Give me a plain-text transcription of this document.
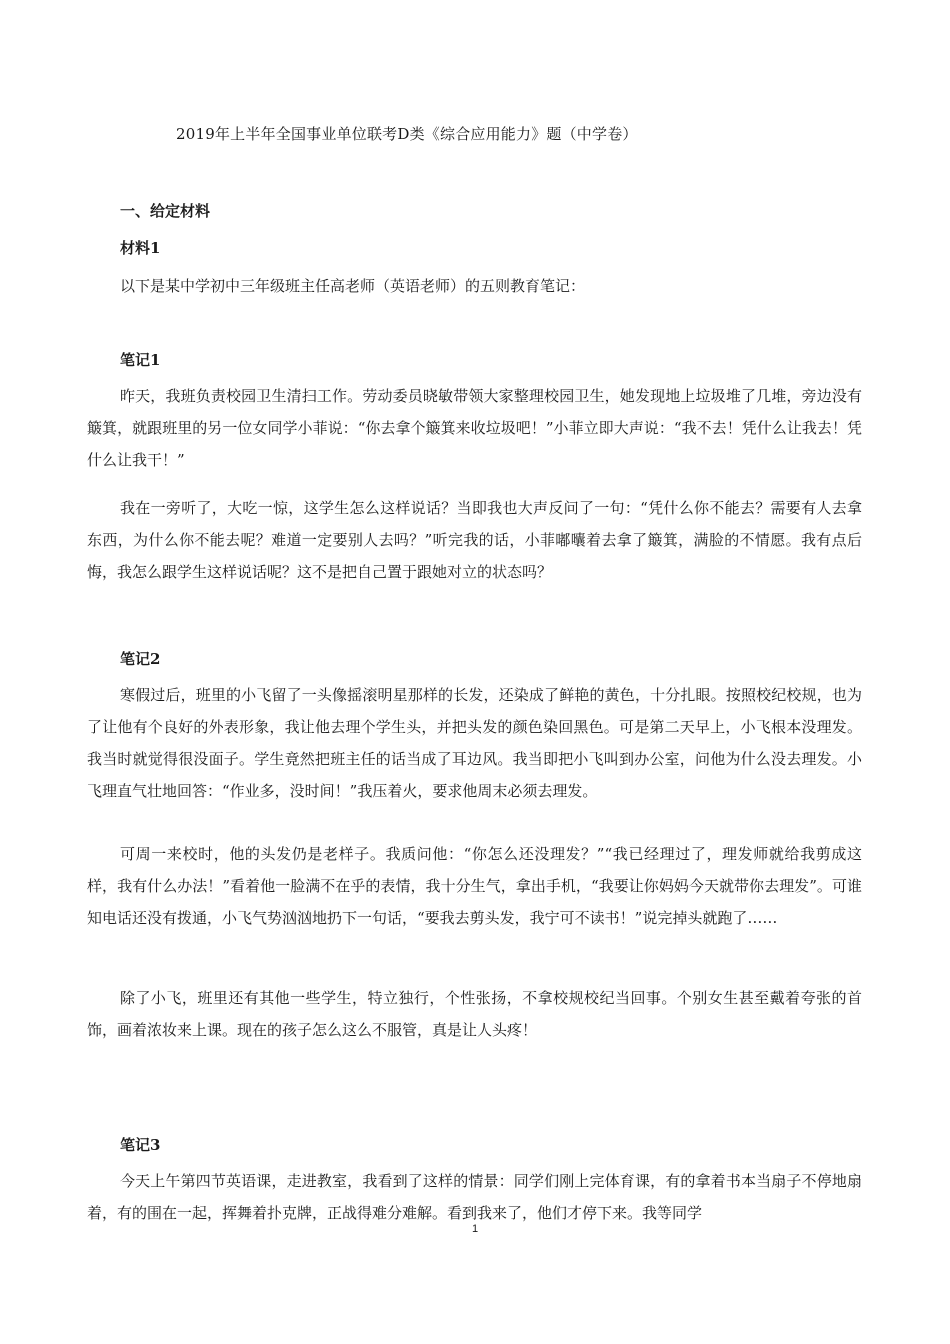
2019年上半年全国事业单位联考D类《综合应用能力》题（中学卷）
一、给定材料
材料1
以下是某中学初中三年级班主任高老师（英语老师）的五则教育笔记：
笔记1

昨天，我班负责校园卫生清扫工作。劳动委员晓敏带领大家整理校园卫生，她发现地上垃圾堆了几堆，旁边没有簸箕，就跟班里的另一位女同学小菲说：“你去拿个簸箕来收垃圾吧！”小菲立即大声说：“我不去！凭什么让我去！凭什么让我干！”

我在一旁听了，大吃一惊，这学生怎么这样说话？当即我也大声反问了一句：“凭什么你不能去？需要有人去拿东西，为什么你不能去呢？难道一定要别人去吗？”听完我的话，小菲嘟囔着去拿了簸箕，满脸的不情愿。我有点后悔，我怎么跟学生这样说话呢？这不是把自己置于跟她对立的状态吗？

笔记2

寒假过后，班里的小飞留了一头像摇滚明星那样的长发，还染成了鲜艳的黄色，十分扎眼。按照校纪校规，也为了让他有个良好的外表形象，我让他去理个学生头，并把头发的颜色染回黑色。可是第二天早上，小飞根本没理发。我当时就觉得很没面子。学生竟然把班主任的话当成了耳边风。我当即把小飞叫到办公室，问他为什么没去理发。小飞理直气壮地回答：“作业多，没时间！”我压着火，要求他周末必须去理发。

可周一来校时，他的头发仍是老样子。我质问他：“你怎么还没理发？”“我已经理过了，理发师就给我剪成这样，我有什么办法！”看着他一脸满不在乎的表情，我十分生气，拿出手机，“我要让你妈妈今天就带你去理发”。可谁知电话还没有拨通，小飞气势汹汹地扔下一句话，“要我去剪头发，我宁可不读书！”说完掉头就跑了……

除了小飞，班里还有其他一些学生，特立独行，个性张扬，不拿校规校纪当回事。个别女生甚至戴着夸张的首饰，画着浓妆来上课。现在的孩子怎么这么不服管，真是让人头疼！

笔记3

今天上午第四节英语课，走进教室，我看到了这样的情景：同学们刚上完体育课，有的拿着书本当扇子不停地扇着，有的围在一起，挥舞着扑克牌，正战得难分难解。看到我来了，他们才停下来。我等同学

1
